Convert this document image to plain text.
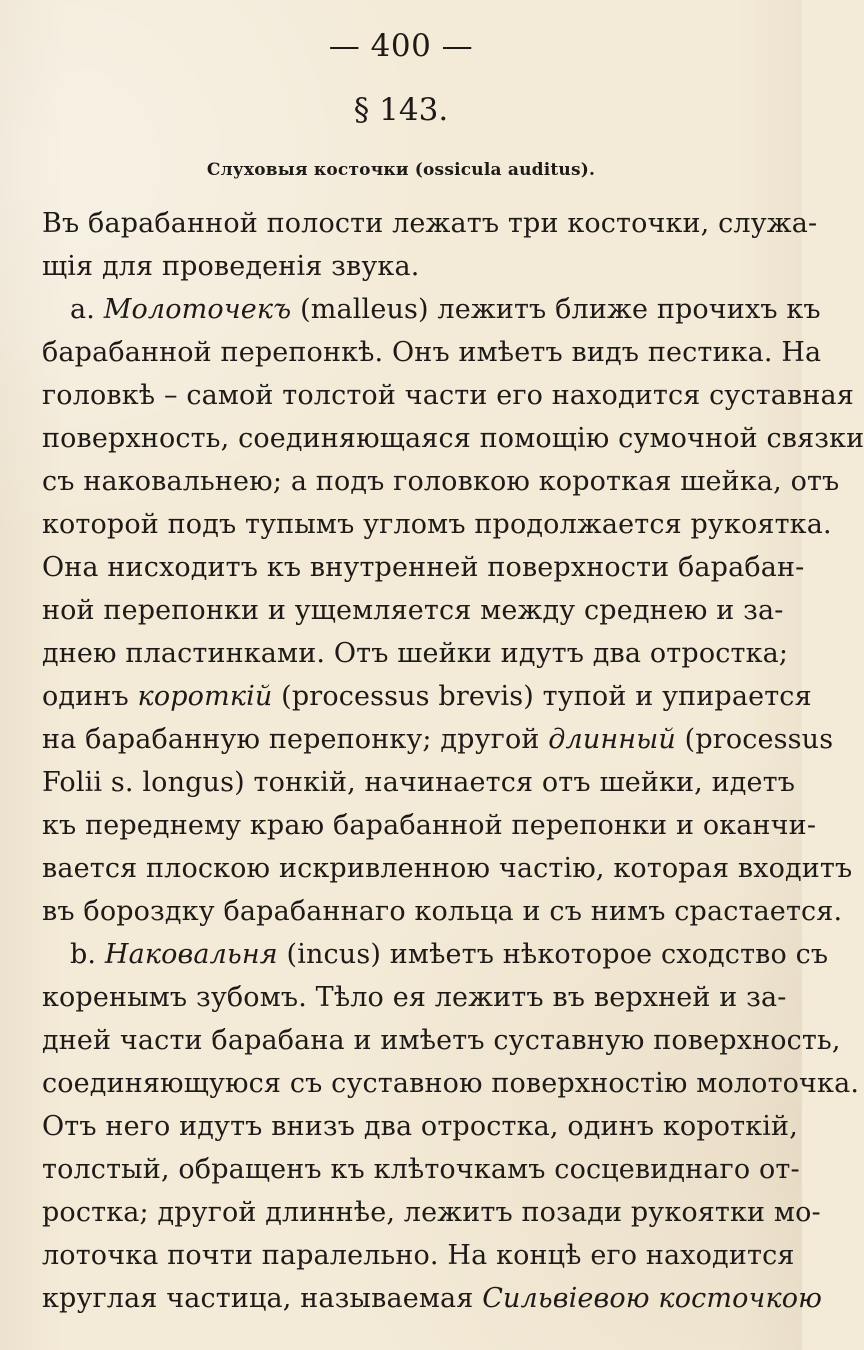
— 400 —
§ 143.
Слуховыя косточки (ossicula auditus).
Въ барабанной полости лежатъ три косточки, служа-
щія для проведенія звука.
а. Молоточекъ (malleus) лежитъ ближе прочихъ къ
барабанной перепонкѣ. Онъ имѣетъ видъ пестика. На
головкѣ – самой толстой части его находится суставная
поверхность, соединяющаяся помощію сумочной связки
съ наковальнею; а подъ головкою короткая шейка, отъ
которой подъ тупымъ угломъ продолжается рукоятка.
Она нисходитъ къ внутренней поверхности барабан-
ной перепонки и ущемляется между среднею и за-
днею пластинками. Отъ шейки идутъ два отростка;
одинъ короткій (processus brevis) тупой и упирается
на барабанную перепонку; другой длинный (processus
Folii s. longus) тонкій, начинается отъ шейки, идетъ
къ переднему краю барабанной перепонки и оканчи-
вается плоскою искривленною частію, которая входитъ
въ бороздку барабаннаго кольца и съ нимъ срастается.
b. Наковальня (incus) имѣетъ нѣкоторое сходство съ
коренымъ зубомъ. Тѣло ея лежитъ въ верхней и за-
дней части барабана и имѣетъ суставную поверхность,
соединяющуюся съ суставною поверхностію молоточка.
Отъ него идутъ внизъ два отростка, одинъ короткій,
толстый, обращенъ къ клѣточкамъ сосцевиднаго от-
ростка; другой длиннѣе, лежитъ позади рукоятки мо-
лоточка почти паралельно. На концѣ его находится
круглая частица, называемая Сильвіевою косточкою
